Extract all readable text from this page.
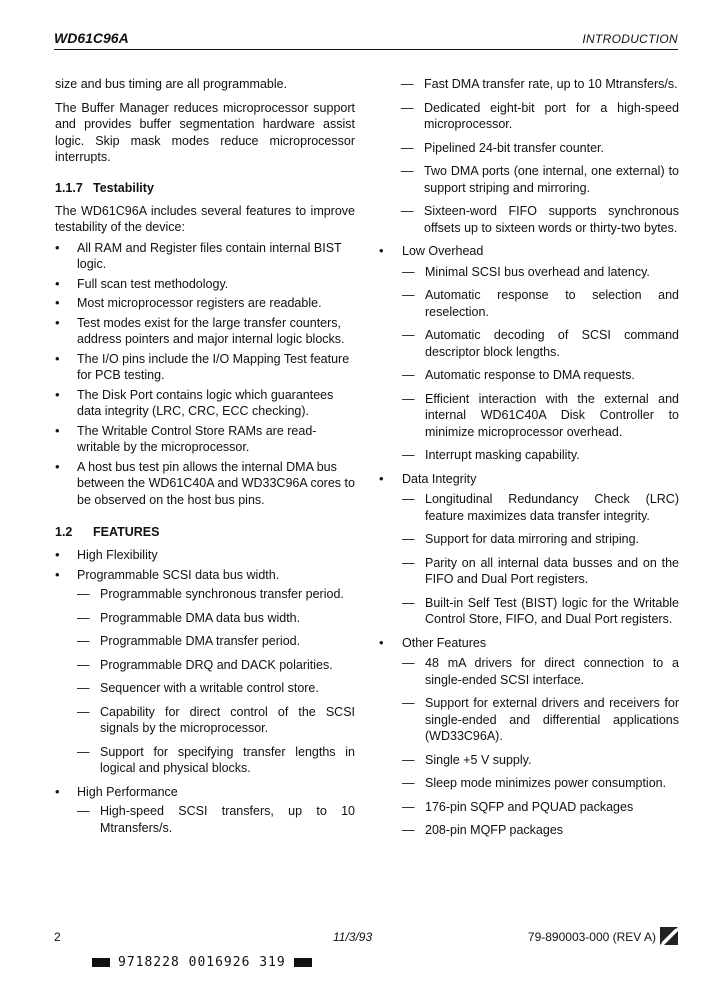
WD61C96A	INTRODUCTION

size and bus timing are all programmable.

The Buffer Manager reduces microprocessor support and provides buffer segmentation hardware assist logic. Skip mask modes reduce microprocessor interrupts.

1.1.7 Testability

The WD61C96A includes several features to improve testability of the device:

• All RAM and Register files contain internal BIST logic.
• Full scan test methodology.
• Most microprocessor registers are readable.
• Test modes exist for the large transfer counters, address pointers and major internal logic blocks.
• The I/O pins include the I/O Mapping Test feature for PCB testing.
• The Disk Port contains logic which guarantees data integrity (LRC, CRC, ECC checking).
• The Writable Control Store RAMs are read-writable by the microprocessor.
• A host bus test pin allows the internal DMA bus between the WD61C40A and WD33C96A cores to be observed on the host bus pins.
1.2 FEATURES
• High Flexibility
• Programmable SCSI data bus width.
— Programmable synchronous transfer period.
— Programmable DMA data bus width.
— Programmable DMA transfer period.
— Programmable DRQ and DACK polarities.
— Sequencer with a writable control store.
— Capability for direct control of the SCSI signals by the microprocessor.
— Support for specifying transfer lengths in logical and physical blocks.
• High Performance
— High-speed SCSI transfers, up to 10 Mtransfers/s.
— Fast DMA transfer rate, up to 10 Mtransfers/s.
— Dedicated eight-bit port for a high-speed microprocessor.
— Pipelined 24-bit transfer counter.
— Two DMA ports (one internal, one external) to support striping and mirroring.
— Sixteen-word FIFO supports synchronous offsets up to sixteen words or thirty-two bytes.
• Low Overhead
— Minimal SCSI bus overhead and latency.
— Automatic response to selection and reselection.
— Automatic decoding of SCSI command descriptor block lengths.
— Automatic response to DMA requests.
— Efficient interaction with the external and internal WD61C40A Disk Controller to minimize microprocessor overhead.
— Interrupt masking capability.
• Data Integrity
— Longitudinal Redundancy Check (LRC) feature maximizes data transfer integrity.
— Support for data mirroring and striping.
— Parity on all internal data busses and on the FIFO and Dual Port registers.
— Built-in Self Test (BIST) logic for the Writable Control Store, FIFO, and Dual Port registers.
• Other Features
— 48 mA drivers for direct connection to a single-ended SCSI interface.
— Support for external drivers and receivers for single-ended and differential applications (WD33C96A).
— Single +5 V supply.
— Sleep mode minimizes power consumption.
— 176-pin SQFP and PQUAD packages
— 208-pin MQFP packages
2	11/3/93	79-890003-000 (REV A)
9718228 0016926 319
